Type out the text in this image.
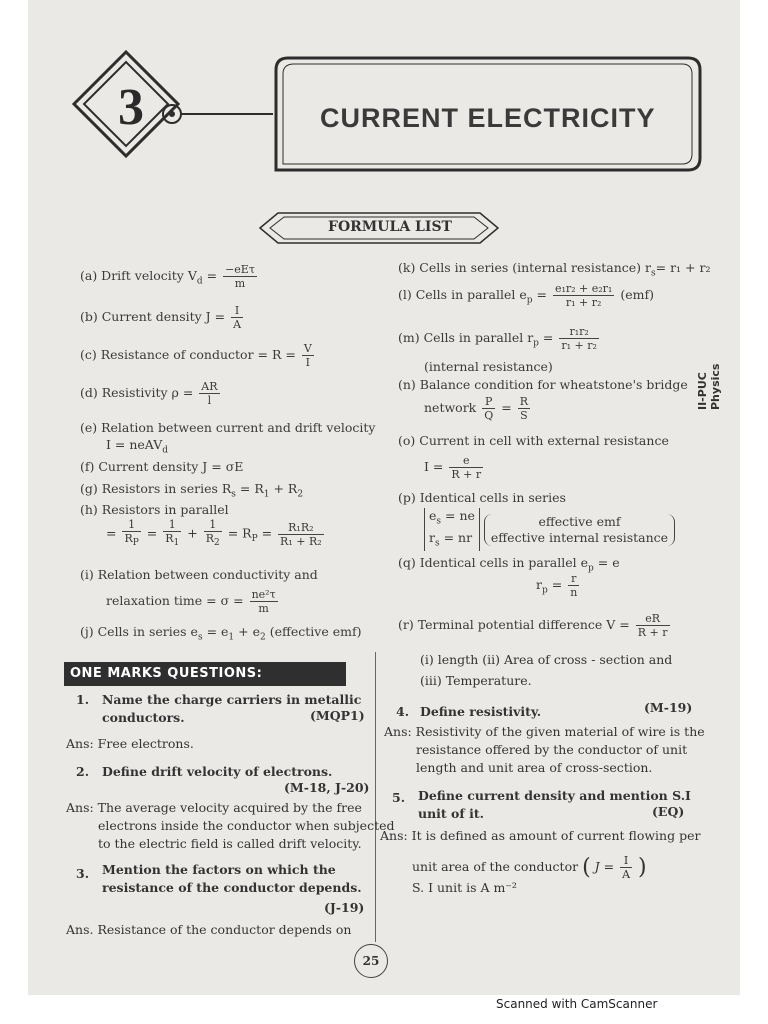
3	CURRENT ELECTRICITY
FORMULA LIST
(a) Drift velocity $V_d = \frac{\text{−eEτ}}{m}$
(b) Current density $J = \frac{I}{A}$
(c) Resistance of conductor = $R = \frac{V}{I}$
(d) Resistivity $\rho = \frac{AR}{l}$
(e) Relation between current and drift velocity
I = neAV$_d$
(f) Current density J = σE
(g) Resistors in series $R_s = R_1 + R_2$
(h) Resistors in parallel
= $\frac{1}{R_P} = \frac{1}{R_1} + \frac{1}{R_2} = R_P = \frac{\text{R₁R₂}}{\text{R₁ + R₂}}$
(i) Relation between conductivity and
relaxation time = $\sigma = \frac{\text{ne²τ}}{m}$
(j) Cells in series $e_s = e_1 + e_2$ (effective emf)
(k) Cells in series (internal resistance) $r_s= r_1 + r_2$
(l) Cells in parallel $e_p = \frac{\text{e₁r₂ + e₂r₁}}{\text{r₁ + r₂}} (emf)$
(m) Cells in parallel $r_p = \frac{\text{r₁r₂}}{\text{r₁ + r₂}}$
(internal resistance)
(n) Balance condition for wheatstone's bridge
network $\frac{P}{Q} = \frac{R}{S}$
(o) Current in cell with external resistance
$I = \frac{e}{R + r}$
(p) Identical cells in series
$e_s$ = ne
$r_s$ = nr effective emf
effective internal resistance
(q) Identical cells in parallel $e_p = e$
$r_p = \frac{r}{n}$
(r) Terminal potential difference $V = \frac{eR}{R + r}$
II-PUC
Physics
ONE MARKS QUESTIONS:
1. Name the charge carriers in metallic
conductors.	(MQP1)
Ans: Free electrons.
2. Define drift velocity of electrons.
(M-18, J-20)
Ans: The average velocity acquired by the free
electrons inside the conductor when subjected
to the electric field is called drift velocity.
3. Mention the factors on which the
resistance of the conductor depends.
(J-19)
Ans. Resistance of the conductor depends on
(i) length (ii) Area of cross - section and
(iii) Temperature.
4. Define resistivity.	(M-19)
Ans: Resistivity of the given material of wire is the
resistance offered by the conductor of unit
length and unit area of cross-section.
5. Define current density and mention S.I
unit of it.	(EQ)
Ans: It is defined as amount of current flowing per
unit area of the conductor ( $J = \frac{I}{A}$ )
S. I unit is A m⁻²
25
Scanned with CamScanner
